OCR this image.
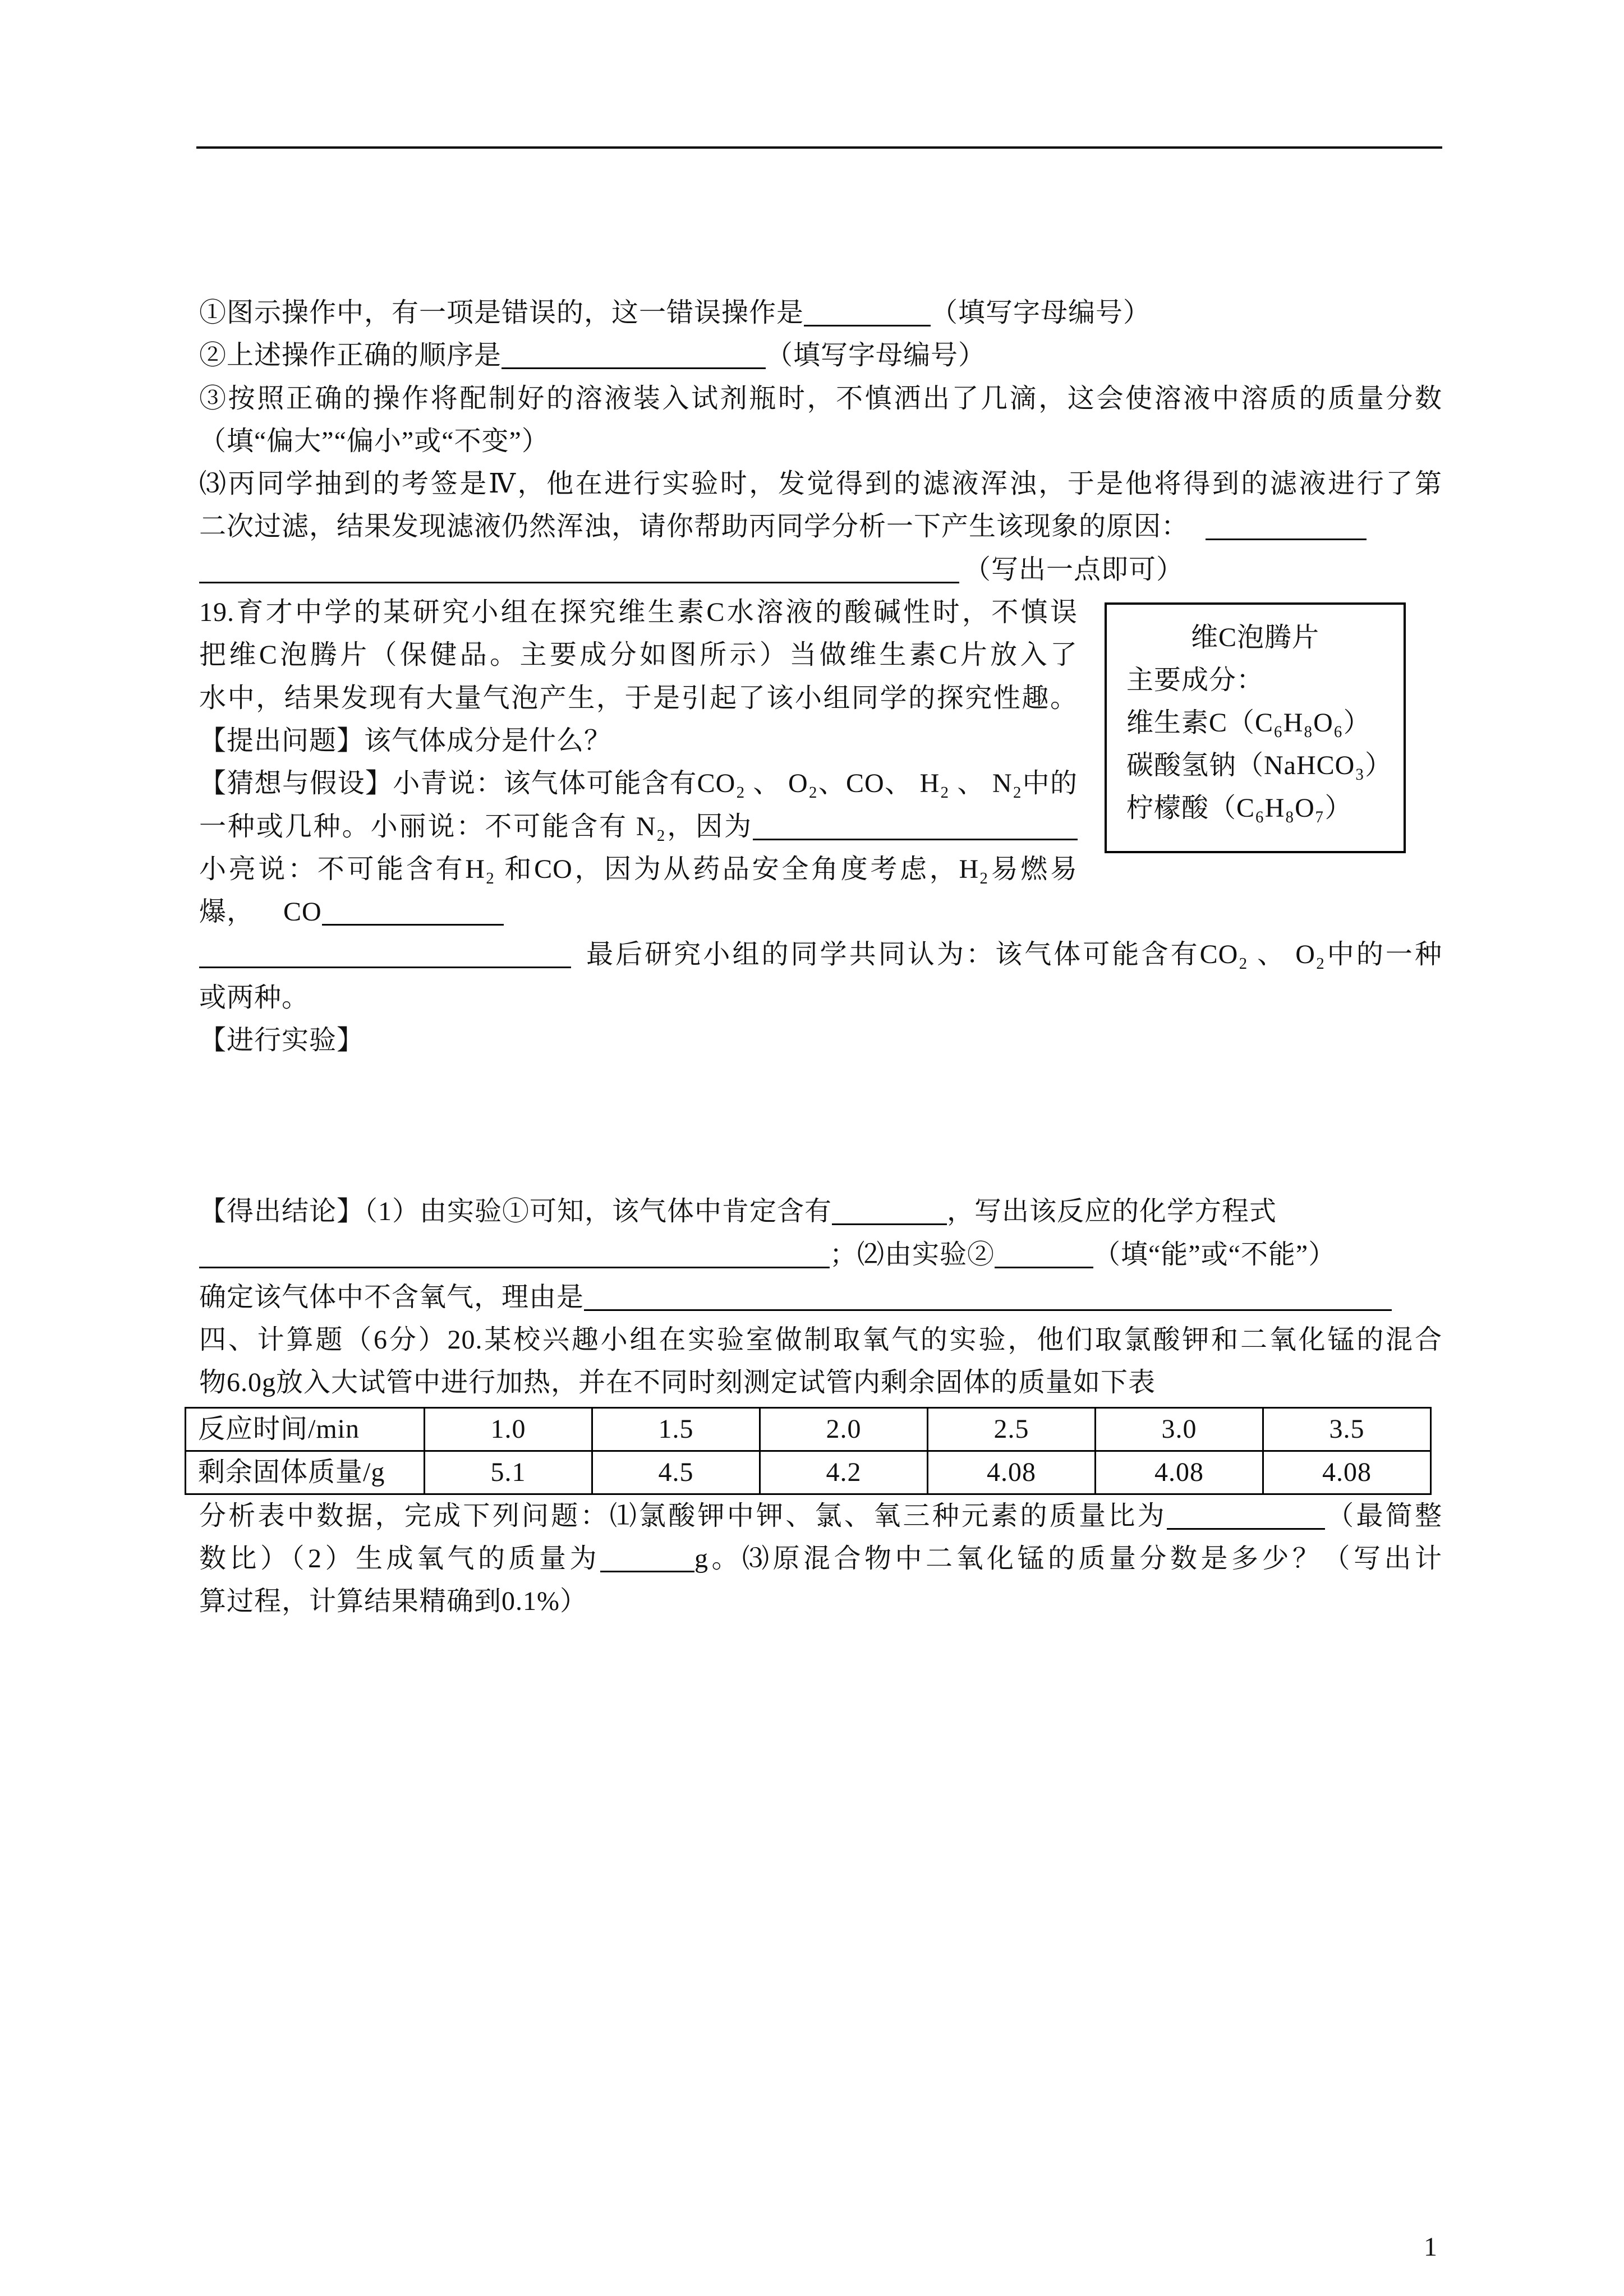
①图示操作中，有一项是错误的，这一错误操作是	（填写字母编号）
②上述操作正确的顺序是	（填写字母编号）
③按照正确的操作将配制好的溶液装入试剂瓶时，不慎洒出了几滴，这会使溶液中溶质的质量分数
（填“偏大”“偏小”或“不变”）
⑶丙同学抽到的考签是Ⅳ，他在进行实验时，发觉得到的滤液浑浊，于是他将得到的滤液进行了第
二次过滤，结果发现滤液仍然浑浊，请你帮助丙同学分析一下产生该现象的原因：
（写出一点即可）
19.育才中学的某研究小组在探究维生素C水溶液的酸碱性时，不慎误
把维C泡腾片（保健品。主要成分如图所示）当做维生素C片放入了
水中，结果发现有大量气泡产生，于是引起了该小组同学的探究性趣。
【提出问题】该气体成分是什么？
【猜想与假设】小青说：该气体可能含有CO₂ 、 O₂、CO、 H₂ 、 N₂中的
一种或几种。小丽说：不可能含有 N₂，因为
小亮说：不可能含有H₂ 和CO，因为从药品安全角度考虑，H₂易燃易
爆，    CO
最后研究小组的同学共同认为：该气体可能含有CO₂ 、 O₂中的一种
或两种。
【进行实验】
【得出结论】（1）由实验①可知，该气体中肯定含有	，写出该反应的化学方程式
；⑵由实验②	（填“能”或“不能”）
确定该气体中不含氧气，理由是
四、计算题（6分）20.某校兴趣小组在实验室做制取氧气的实验，他们取氯酸钾和二氧化锰的混合
物6.0g放入大试管中进行加热，并在不同时刻测定试管内剩余固体的质量如下表
反应时间/min	1.0	1.5	2.0	2.5	3.0	3.5
剩余固体质量/g	5.1	4.5	4.2	4.08	4.08	4.08
分析表中数据，完成下列问题：⑴氯酸钾中钾、氯、氧三种元素的质量比为	（最简整
数比）（2）生成氧气的质量为	g。⑶原混合物中二氧化锰的质量分数是多少？（写出计
算过程，计算结果精确到0.1%）
维C泡腾片
主要成分：
维生素C（C₆H₈O₆）
碳酸氢钠（NaHCO₃）
柠檬酸（C₆H₈O₇）
1
